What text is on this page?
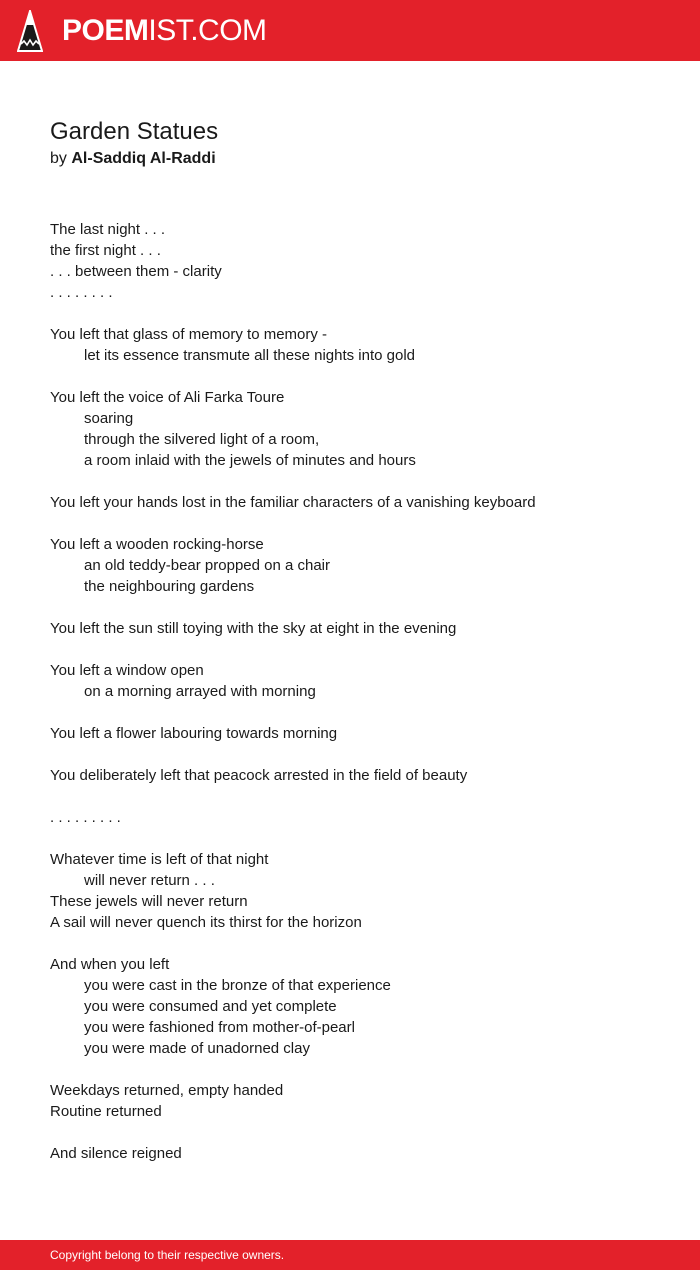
POEMIST.COM
Garden Statues
by Al-Saddiq Al-Raddi
The last night . . .
the first night . . .
. . . between them - clarity
. . . . . . . .
You left that glass of memory to memory -
let its essence transmute all these nights into gold
You left the voice of Ali Farka Toure
soaring
through the silvered light of a room,
a room inlaid with the jewels of minutes and hours
You left your hands lost in the familiar characters of a vanishing keyboard
You left a wooden rocking-horse
an old teddy-bear propped on a chair
the neighbouring gardens
You left the sun still toying with the sky at eight in the evening
You left a window open
on a morning arrayed with morning
You left a flower labouring towards morning
You deliberately left that peacock arrested in the field of beauty
. . . . . . . . .
Whatever time is left of that night
will never return . . .
These jewels will never return
A sail will never quench its thirst for the horizon
And when you left
you were cast in the bronze of that experience
you were consumed and yet complete
you were fashioned from mother-of-pearl
you were made of unadorned clay
Weekdays returned, empty handed
Routine returned
And silence reigned
Copyright belong to their respective owners.
